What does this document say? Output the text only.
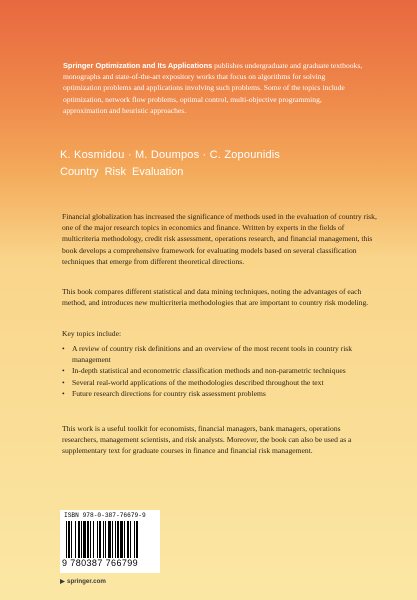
Springer Optimization and Its Applications publishes undergraduate and graduate textbooks, monographs and state-of-the-art expository works that focus on algorithms for solving optimization problems and applications involving such problems. Some of the topics include optimization, network flow problems, optimal control, multi-objective programming, approximation and heuristic approaches.
K. Kosmidou · M. Doumpos · C. Zopounidis
Country Risk Evaluation
Financial globalization has increased the significance of methods used in the evaluation of country risk, one of the major research topics in economics and finance. Written by experts in the fields of multicriteria methodology, credit risk assessment, operations research, and financial management, this book develops a comprehensive framework for evaluating models based on several classification techniques that emerge from different theoretical directions.
This book compares different statistical and data mining techniques, noting the advantages of each method, and introduces new multicriteria methodologies that are important to country risk modeling.
Key topics include:
• A review of country risk definitions and an overview of the most recent tools in country risk management
• In-depth statistical and econometric classification methods and non-parametric techniques
• Several real-world applications of the methodologies described throughout the text
• Future research directions for country risk assessment problems
This work is a useful toolkit for economists, financial managers, bank managers, operations researchers, management scientists, and risk analysts. Moreover, the book can also be used as a supplementary text for graduate courses in finance and financial risk management.
ISBN 978-0-387-76679-9
9 780387 766799
springer.com
